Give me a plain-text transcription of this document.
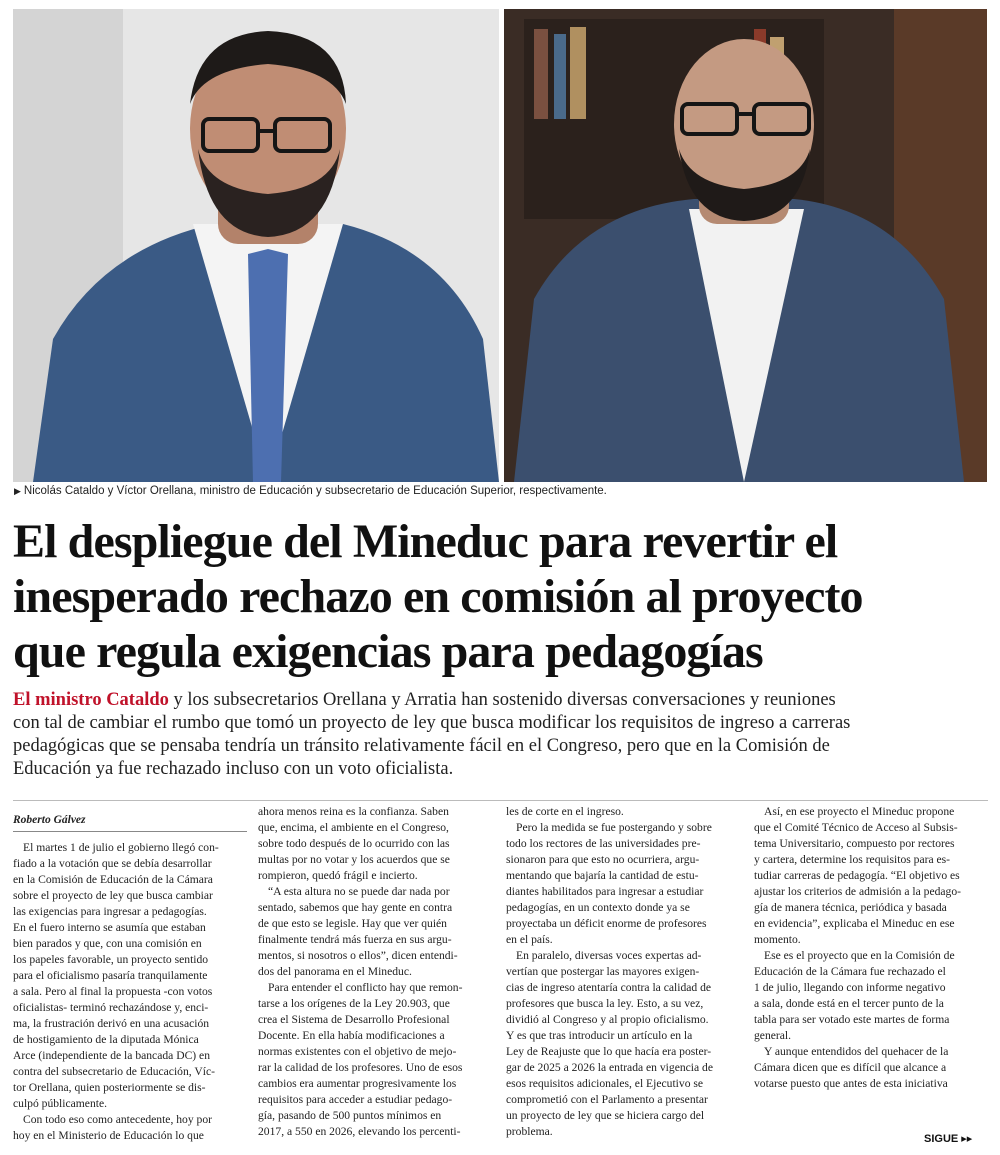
▶ Nicolás Cataldo y Víctor Orellana, ministro de Educación y subsecretario de Educación Superior, respectivamente.
El despliegue del Mineduc para revertir el
inesperado rechazo en comisión al proyecto
que regula exigencias para pedagogías

El ministro Cataldo y los subsecretarios Orellana y Arratia han sostenido diversas conversaciones y reuniones
con tal de cambiar el rumbo que tomó un proyecto de ley que busca modificar los requisitos de ingreso a carreras
pedagógicas que se pensaba tendría un tránsito relativamente fácil en el Congreso, pero que en la Comisión de
Educación ya fue rechazado incluso con un voto oficialista.

Roberto Gálvez
El martes 1 de julio el gobierno llegó con-
fiado a la votación que se debía desarrollar
en la Comisión de Educación de la Cámara
sobre el proyecto de ley que busca cambiar
las exigencias para ingresar a pedagogías.
En el fuero interno se asumía que estaban
bien parados y que, con una comisión en
los papeles favorable, un proyecto sentido
para el oficialismo pasaría tranquilamente
a sala. Pero al final la propuesta -con votos
oficialistas- terminó rechazándose y, enci-
ma, la frustración derivó en una acusación
de hostigamiento de la diputada Mónica
Arce (independiente de la bancada DC) en
contra del subsecretario de Educación, Víc-
tor Orellana, quien posteriormente se dis-
culpó públicamente.
Con todo eso como antecedente, hoy por
hoy en el Ministerio de Educación lo que
ahora menos reina es la confianza. Saben
que, encima, el ambiente en el Congreso,
sobre todo después de lo ocurrido con las
multas por no votar y los acuerdos que se
rompieron, quedó frágil e incierto.
“A esta altura no se puede dar nada por
sentado, sabemos que hay gente en contra
de que esto se legisle. Hay que ver quién
finalmente tendrá más fuerza en sus argu-
mentos, si nosotros o ellos”, dicen entendi-
dos del panorama en el Mineduc.
Para entender el conflicto hay que remon-
tarse a los orígenes de la Ley 20.903, que
crea el Sistema de Desarrollo Profesional
Docente. En ella había modificaciones a
normas existentes con el objetivo de mejo-
rar la calidad de los profesores. Uno de esos
cambios era aumentar progresivamente los
requisitos para acceder a estudiar pedago-
gía, pasando de 500 puntos mínimos en
2017, a 550 en 2026, elevando los percenti-
les de corte en el ingreso.
Pero la medida se fue postergando y sobre
todo los rectores de las universidades pre-
sionaron para que esto no ocurriera, argu-
mentando que bajaría la cantidad de estu-
diantes habilitados para ingresar a estudiar
pedagogías, en un contexto donde ya se
proyectaba un déficit enorme de profesores
en el país.
En paralelo, diversas voces expertas ad-
vertían que postergar las mayores exigen-
cias de ingreso atentaría contra la calidad de
profesores que busca la ley. Esto, a su vez,
dividió al Congreso y al propio oficialismo.
Y es que tras introducir un artículo en la
Ley de Reajuste que lo que hacía era poster-
gar de 2025 a 2026 la entrada en vigencia de
esos requisitos adicionales, el Ejecutivo se
comprometió con el Parlamento a presentar
un proyecto de ley que se hiciera cargo del
problema.
Así, en ese proyecto el Mineduc propone
que el Comité Técnico de Acceso al Subsis-
tema Universitario, compuesto por rectores
y cartera, determine los requisitos para es-
tudiar carreras de pedagogía. “El objetivo es
ajustar los criterios de admisión a la pedago-
gía de manera técnica, periódica y basada
en evidencia”, explicaba el Mineduc en ese
momento.
Ese es el proyecto que en la Comisión de
Educación de la Cámara fue rechazado el
1 de julio, llegando con informe negativo
a sala, donde está en el tercer punto de la
tabla para ser votado este martes de forma
general.
Y aunque entendidos del quehacer de la
Cámara dicen que es difícil que alcance a
votarse puesto que antes de esta iniciativa
SIGUE ▸▸
